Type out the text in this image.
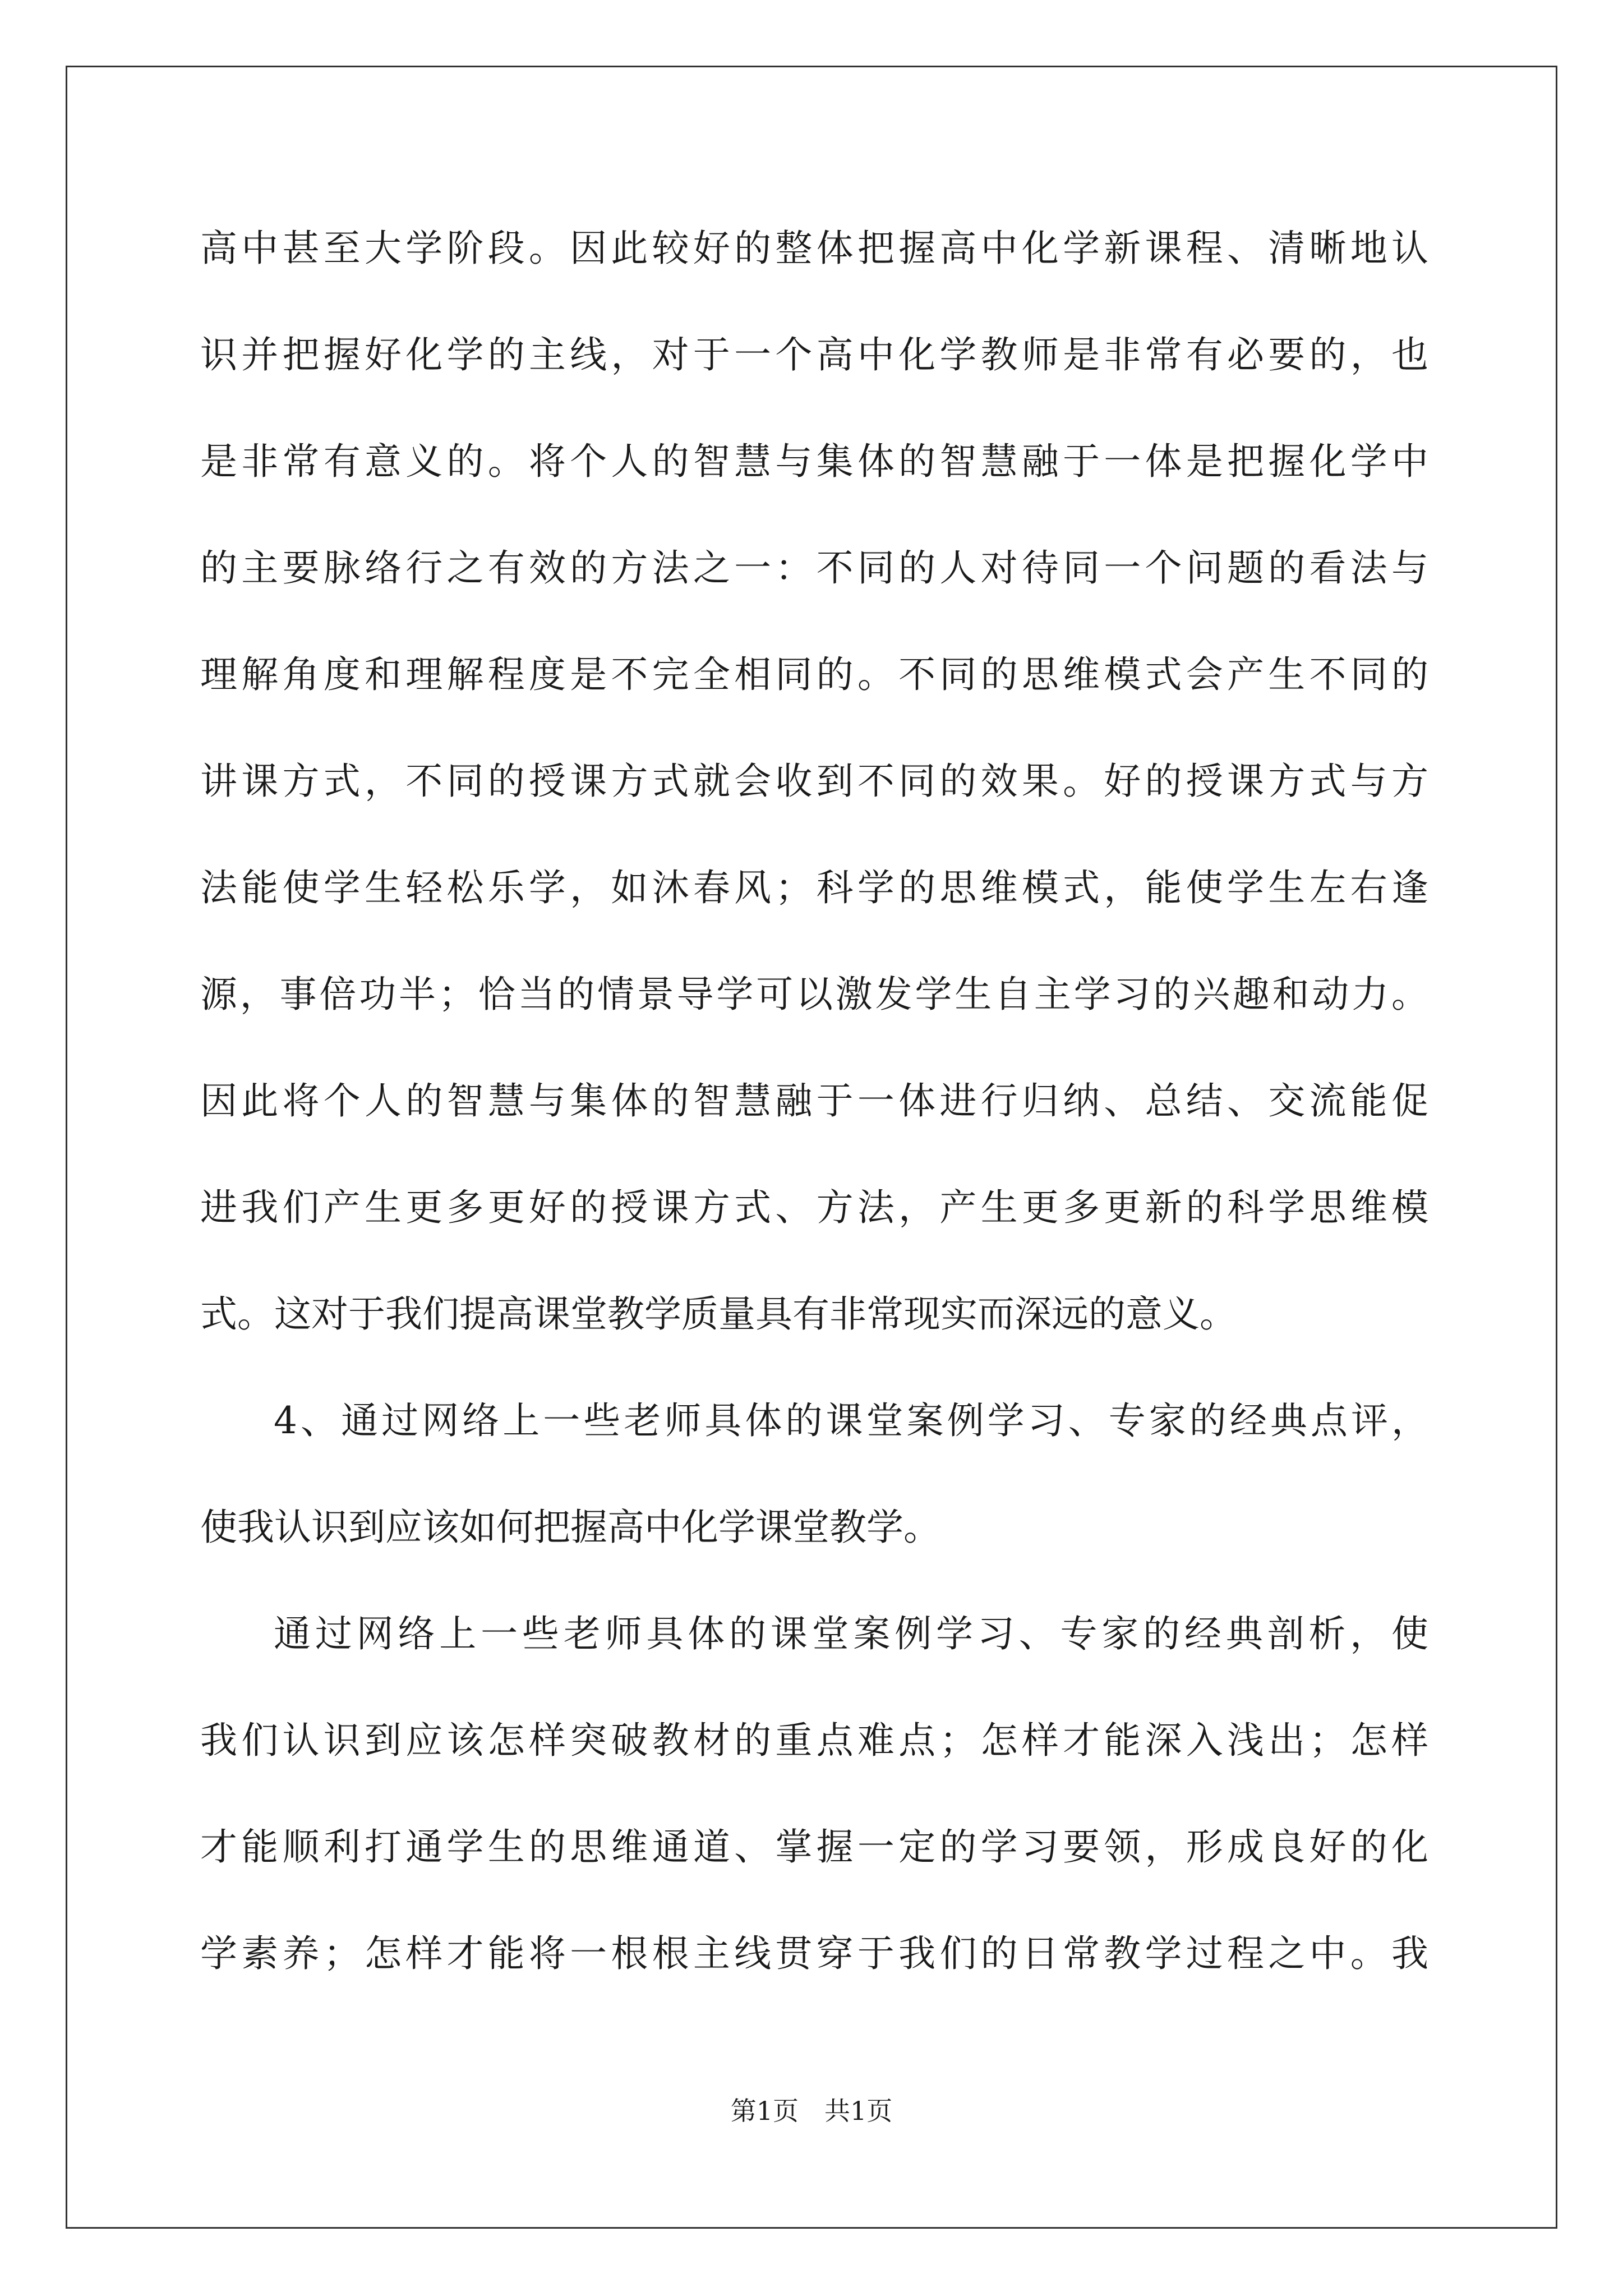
高中甚至大学阶段。因此较好的整体把握高中化学新课程、清晰地认
识并把握好化学的主线，对于一个高中化学教师是非常有必要的，也
是非常有意义的。将个人的智慧与集体的智慧融于一体是把握化学中
的主要脉络行之有效的方法之一：不同的人对待同一个问题的看法与
理解角度和理解程度是不完全相同的。不同的思维模式会产生不同的
讲课方式，不同的授课方式就会收到不同的效果。好的授课方式与方
法能使学生轻松乐学，如沐春风；科学的思维模式，能使学生左右逢
源，事倍功半；恰当的情景导学可以激发学生自主学习的兴趣和动力。
因此将个人的智慧与集体的智慧融于一体进行归纳、总结、交流能促
进我们产生更多更好的授课方式、方法，产生更多更新的科学思维模
式。这对于我们提高课堂教学质量具有非常现实而深远的意义。
4、通过网络上一些老师具体的课堂案例学习、专家的经典点评，
使我认识到应该如何把握高中化学课堂教学。
通过网络上一些老师具体的课堂案例学习、专家的经典剖析，使
我们认识到应该怎样突破教材的重点难点；怎样才能深入浅出；怎样
才能顺利打通学生的思维通道、掌握一定的学习要领，形成良好的化
学素养；怎样才能将一根根主线贯穿于我们的日常教学过程之中。我
第1页　共1页
